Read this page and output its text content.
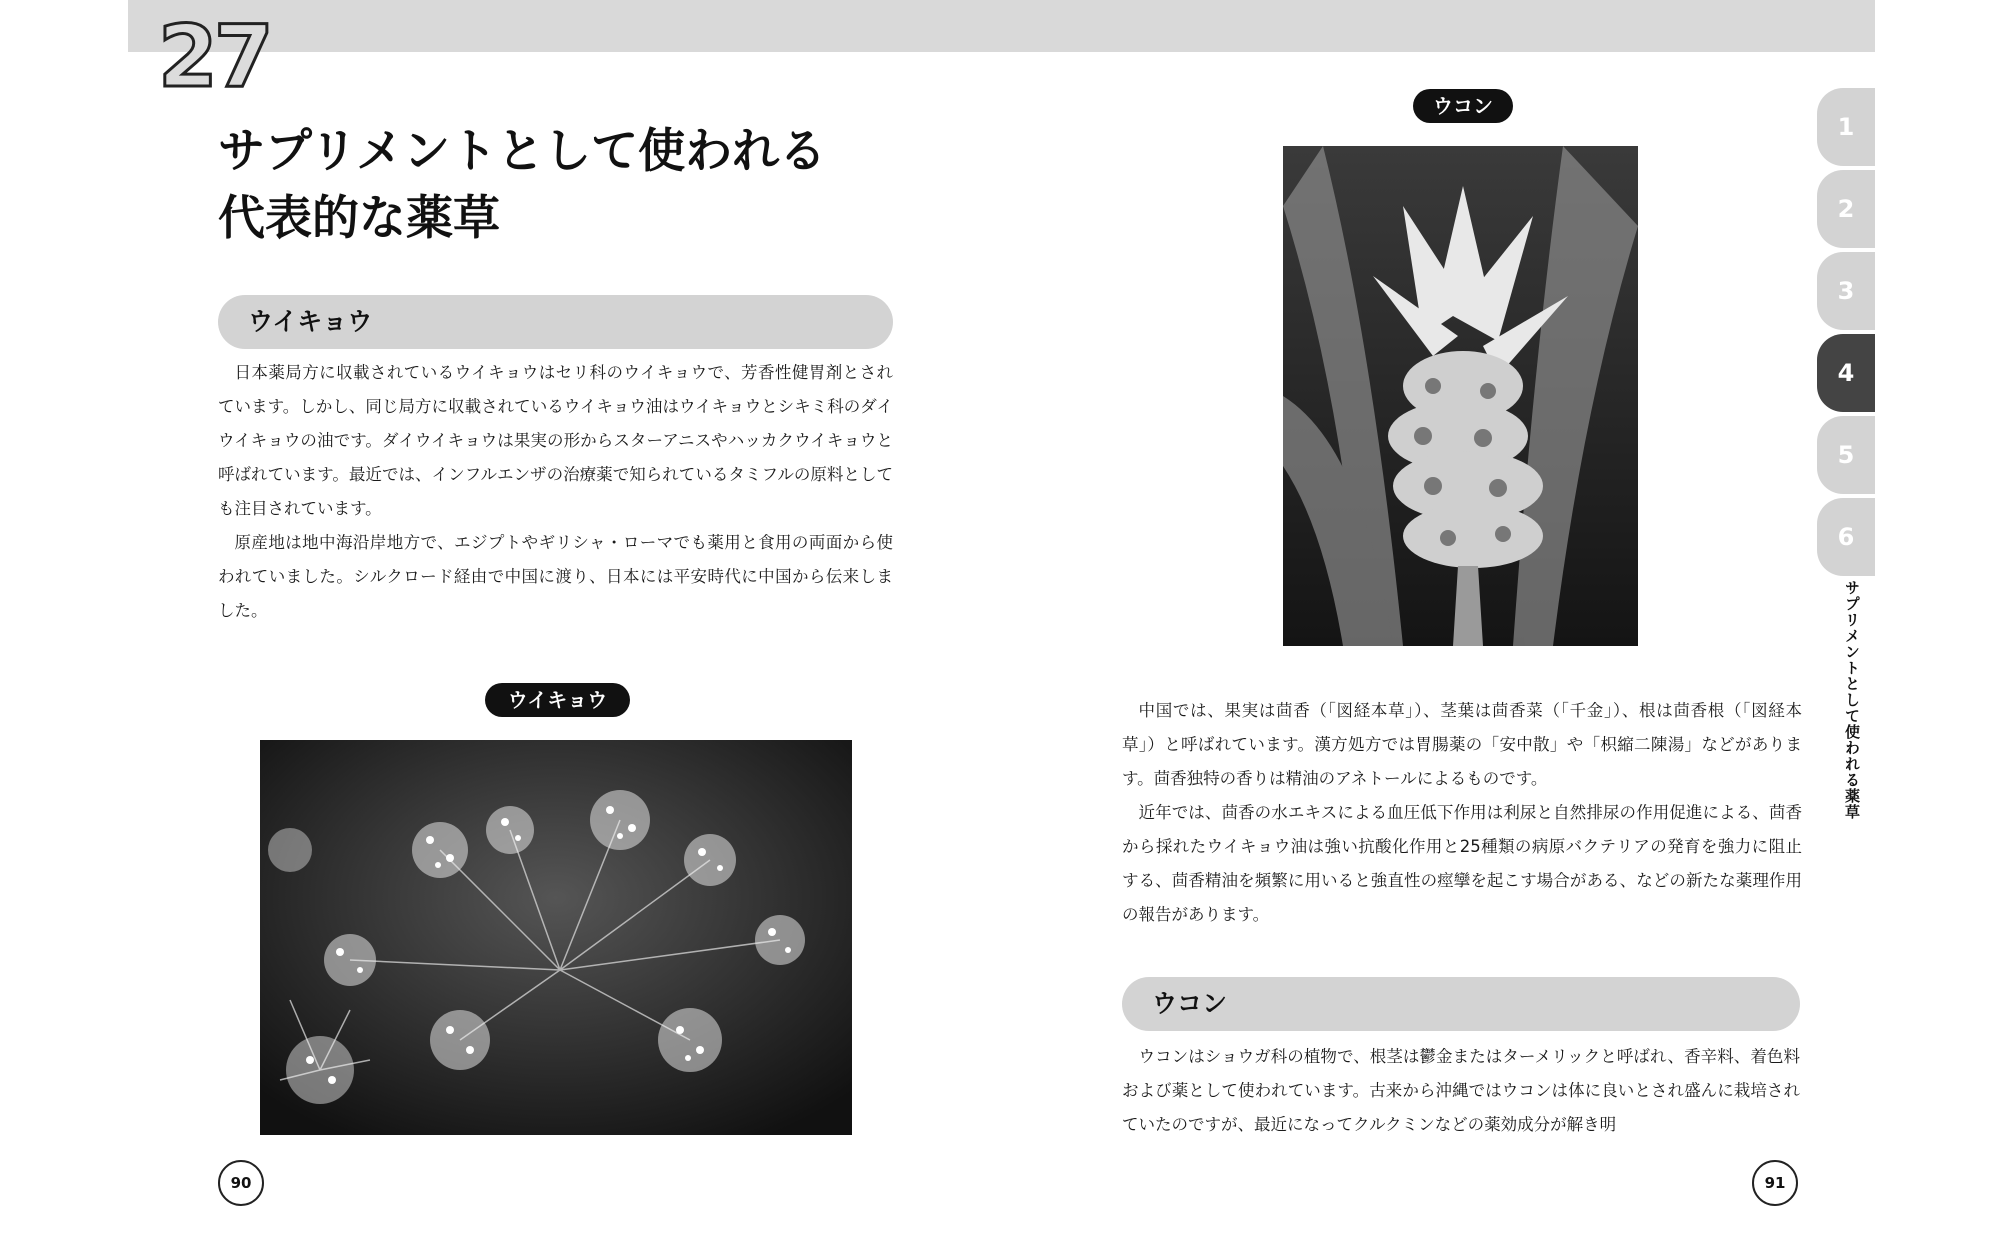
27
サプリメントとして使われる
代表的な薬草
ウイキョウ

日本薬局方に収載されているウイキョウはセリ科のウイキョウで、芳香性健胃剤とされています。しかし、同じ局方に収載されているウイキョウ油はウイキョウとシキミ科のダイウイキョウの油です。ダイウイキョウは果実の形からスターアニスやハッカクウイキョウと呼ばれています。最近では、インフルエンザの治療薬で知られているタミフルの原料としても注目されています。

原産地は地中海沿岸地方で、エジプトやギリシャ・ローマでも薬用と食用の両面から使われていました。シルクロード経由で中国に渡り、日本には平安時代に中国から伝来しました。

ウイキョウ
90
ウコン

中国では、果実は茴香（「図経本草」）、茎葉は茴香菜（「千金」）、根は茴香根（「図経本草」）と呼ばれています。漢方処方では胃腸薬の「安中散」や「枳縮二陳湯」などがあります。茴香独特の香りは精油のアネトールによるものです。

近年では、茴香の水エキスによる血圧低下作用は利尿と自然排尿の作用促進による、茴香から採れたウイキョウ油は強い抗酸化作用と25種類の病原バクテリアの発育を強力に阻止する、茴香精油を頻繁に用いると強直性の痙攣を起こす場合がある、などの新たな薬理作用の報告があります。

ウコン

ウコンはショウガ科の植物で、根茎は鬱金またはターメリックと呼ばれ、香辛料、着色料および薬として使われています。古来から沖縄ではウコンは体に良いとされ盛んに栽培されていたのですが、最近になってクルクミンなどの薬効成分が解き明

91
1
2
3
4
5
6
サプリメントとして使われる薬草
